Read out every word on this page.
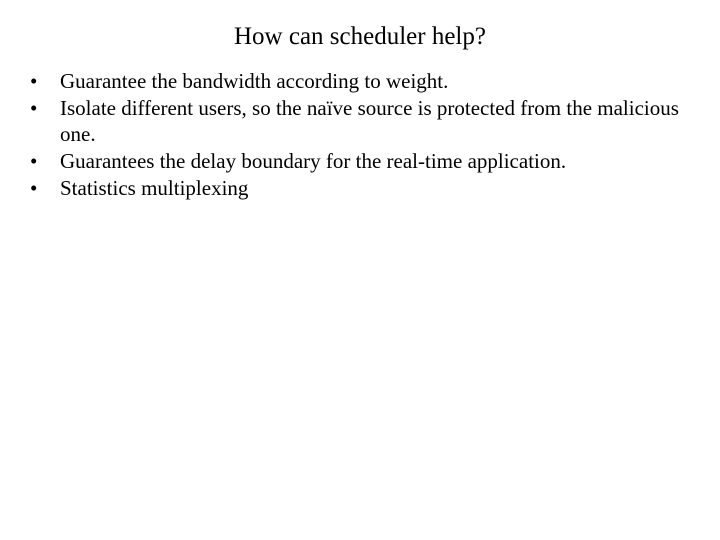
How can scheduler help?
•	Guarantee the bandwidth according to weight.
•	Isolate different users, so the naïve source is protected from the malicious one.
•	Guarantees the delay boundary for the real-time application.
•	Statistics multiplexing
